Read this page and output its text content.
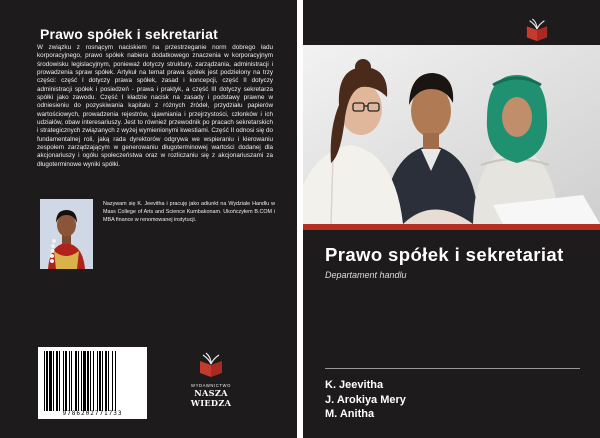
Prawo spółek i sekretariat

W związku z rosnącym naciskiem na przestrzeganie norm dobrego ładu korporacyjnego, prawo spółek nabiera dodatkowego znaczenia w korporacyjnym środowisku legislacyjnym, ponieważ dotyczy struktury, zarządzania, administracji i prowadzenia spraw spółek. Artykuł na temat prawa spółek jest podzielony na trzy części: część I dotyczy prawa spółek, zasad i koncepcji, część II dotyczy administracji spółek i posiedzeń - prawa i praktyk, a część III dotyczy sekretarza spółki jako zawodu. Część I kładzie nacisk na zasady i podstawy prawne w odniesieniu do pozyskiwania kapitału z różnych źródeł, przydziału papierów wartościowych, prowadzenia rejestrów, ujawniania i przejrzystości, członków i ich udziałów, obaw interesariuszy. Jest to również przewodnik po pracach sekretarskich i strategicznych związanych z wyżej wymienionymi kwestiami. Część II odnosi się do fundamentalnej roli, jaką rada dyrektorów odgrywa we wspieraniu i kierowaniu zespołem zarządzającym w generowaniu długoterminowej wartości dodanej dla akcjonariuszy i ogółu społeczeństwa oraz w rozliczaniu się z akcjonariuszami za długoterminowe wyniki spółki.

Nazywam się K. Jeevitha i pracuję jako adiunkt na Wydziale Handlu w Mass College of Arts and Science Kumbakonam. Ukończyłem B.COM i MBA finance w renomowanej instytucji.

9786202771733
WYDAWNICTWO
NASZA WIEDZA
Prawo spółek i sekretariat
Departament handlu
K. Jeevitha
J. Arokiya Mery
M. Anitha
